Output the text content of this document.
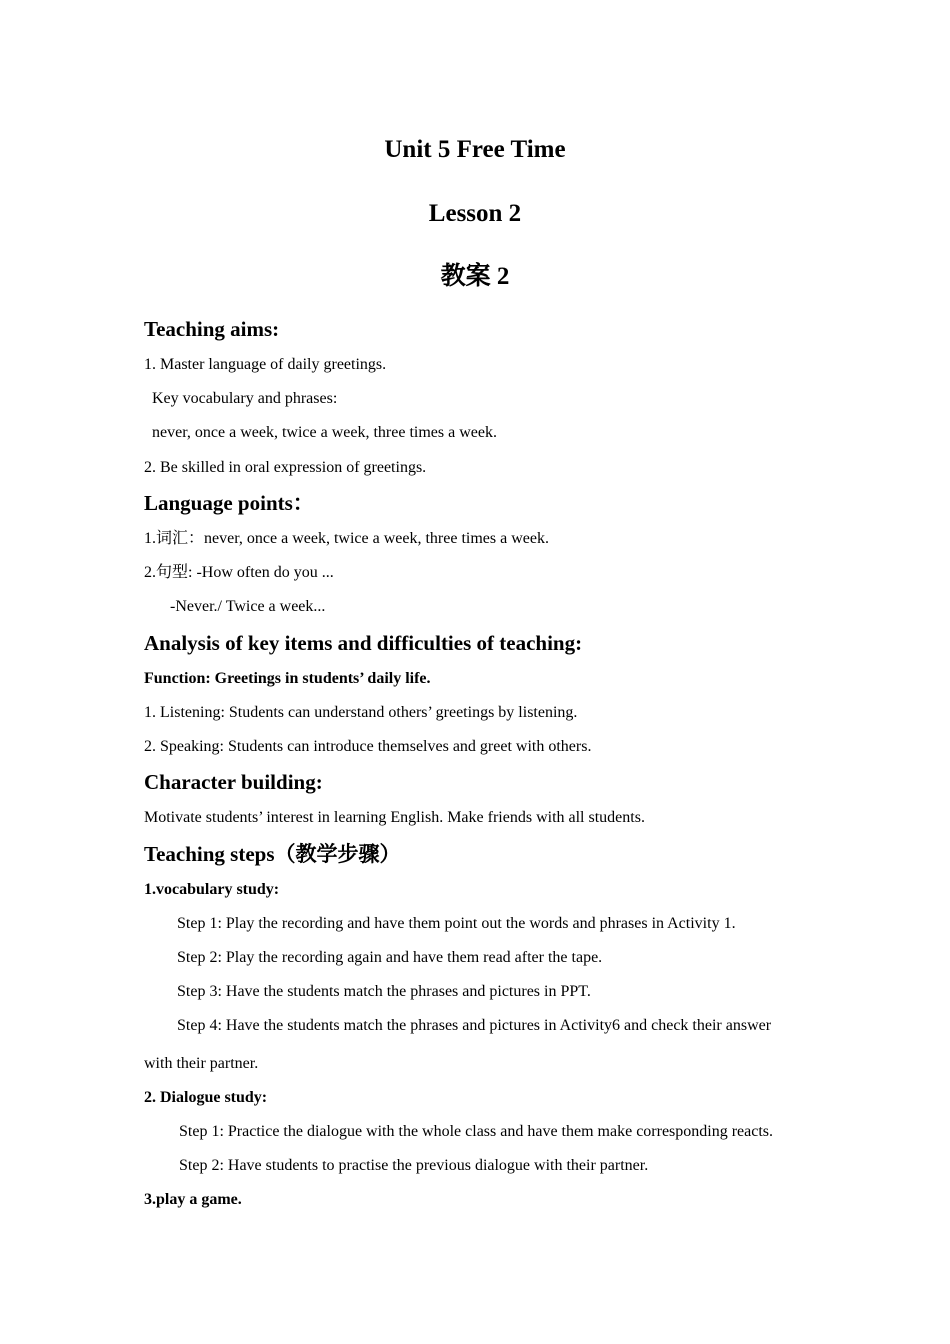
Unit 5 Free Time
Lesson 2
教案 2
Teaching aims:

1. Master language of daily greetings.

Key vocabulary and phrases:

never, once a week, twice a week, three times a week.

2. Be skilled in oral expression of greetings.

Language points：

1.词汇：never, once a week, twice a week, three times a week.

2.句型: -How often do you ...

-Never./ Twice a week...

Analysis of key items and difficulties of teaching:

Function: Greetings in students’ daily life.

1. Listening: Students can understand others’ greetings by listening.

2. Speaking: Students can introduce themselves and greet with others.

Character building:

Motivate students’ interest in learning English. Make friends with all students.

Teaching steps（教学步骤）

1.vocabulary study:

Step 1: Play the recording and have them point out the words and phrases in Activity 1.

Step 2: Play the recording again and have them read after the tape.

Step 3: Have the students match the phrases and pictures in PPT.

Step 4: Have the students match the phrases and pictures in Activity6 and check their answer

with their partner.

2. Dialogue study:

Step 1: Practice the dialogue with the whole class and have them make corresponding reacts.

Step 2: Have students to practise the previous dialogue with their partner.

3.play a game.
